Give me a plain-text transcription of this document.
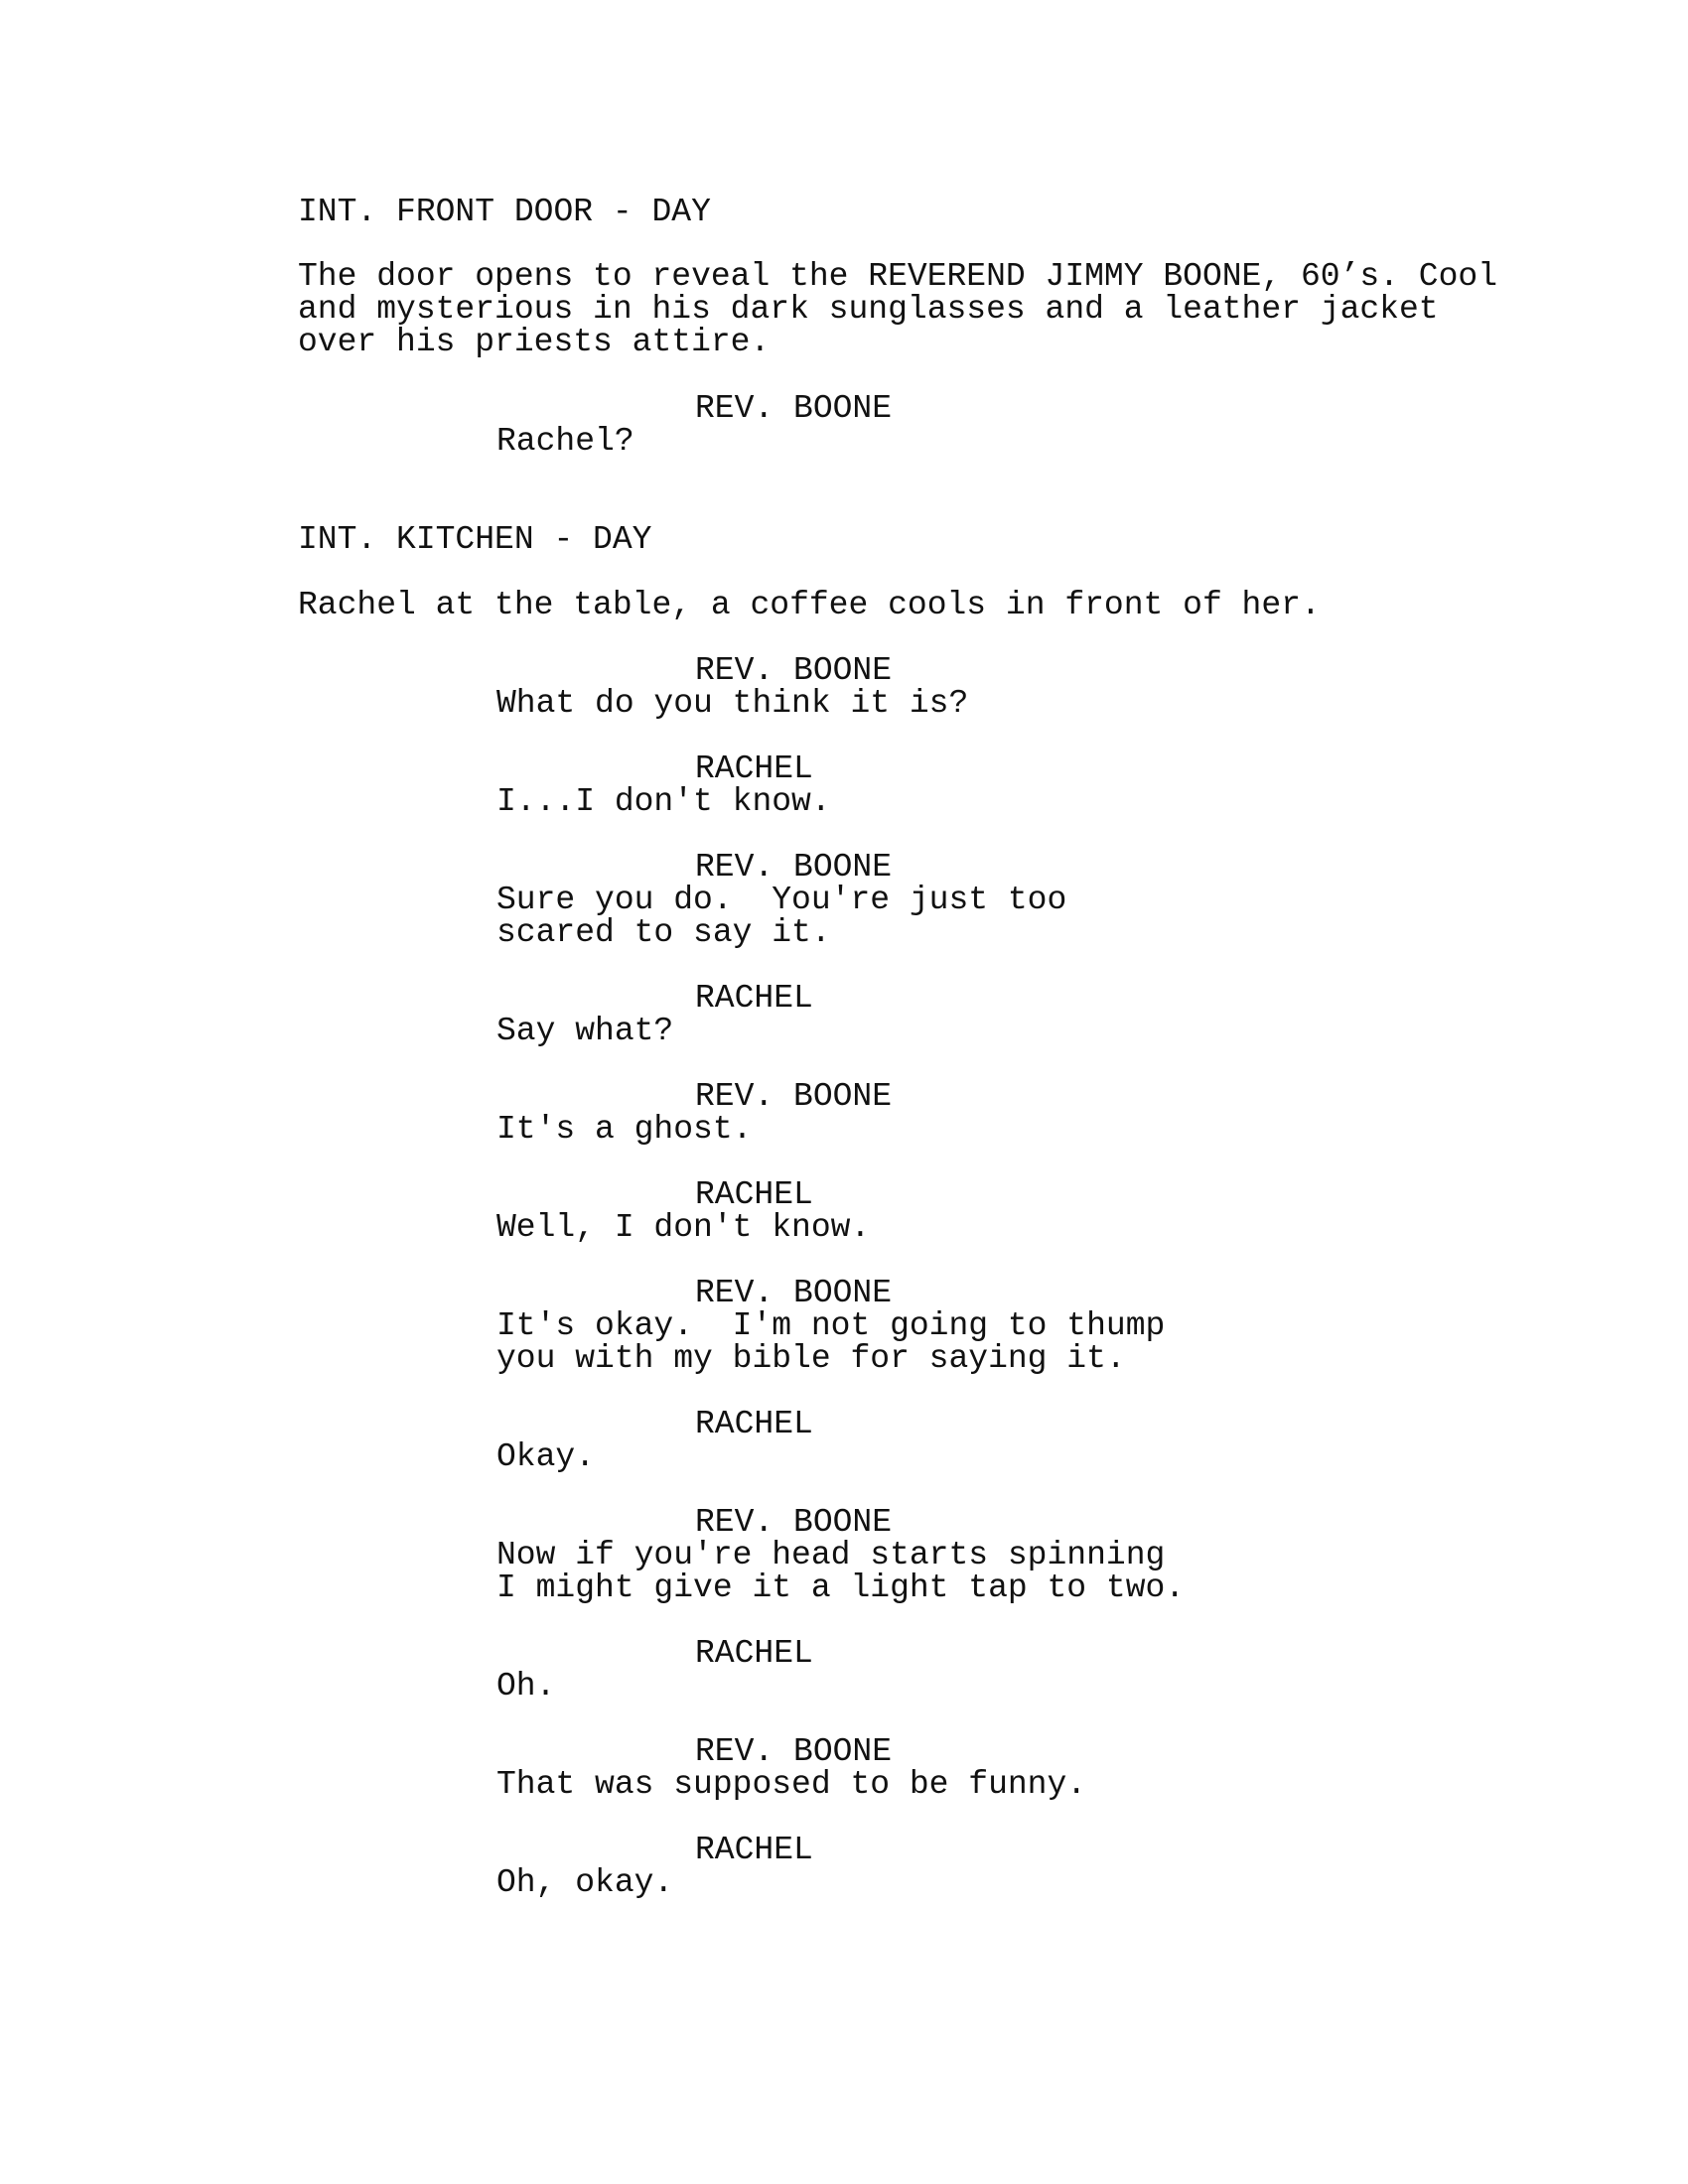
INT. FRONT DOOR - DAY
The door opens to reveal the REVEREND JIMMY BOONE, 60’s. Cool
and mysterious in his dark sunglasses and a leather jacket
over his priests attire.
REV. BOONE
Rachel?
INT. KITCHEN - DAY
Rachel at the table, a coffee cools in front of her.
REV. BOONE
What do you think it is?
RACHEL
I...I don't know.
REV. BOONE
Sure you do.  You're just too
scared to say it.
RACHEL
Say what?
REV. BOONE
It's a ghost.
RACHEL
Well, I don't know.
REV. BOONE
It's okay.  I'm not going to thump
you with my bible for saying it.
RACHEL
Okay.
REV. BOONE
Now if you're head starts spinning
I might give it a light tap to two.
RACHEL
Oh.
REV. BOONE
That was supposed to be funny.
RACHEL
Oh, okay.
